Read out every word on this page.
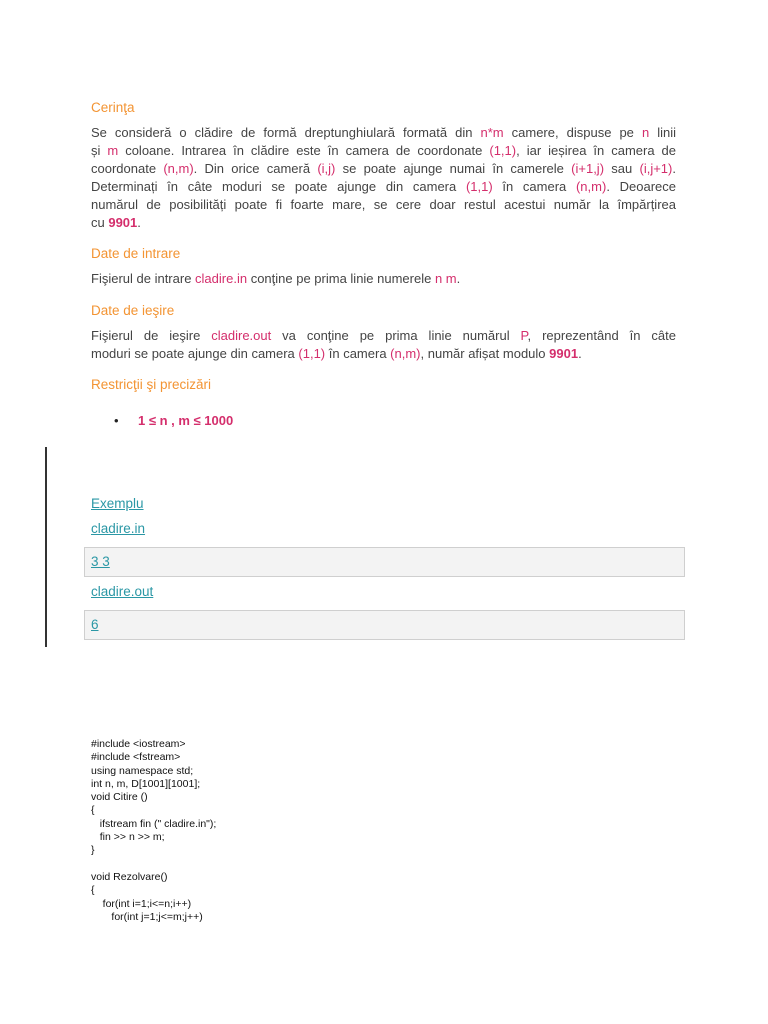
Cerinţa
Se consideră o clădire de formă dreptunghiulară formată din n*m camere, dispuse pe n linii
și m coloane. Intrarea în clădire este în camera de coordonate (1,1), iar ieșirea în camera de
coordonate (n,m). Din orice cameră (i,j) se poate ajunge numai în camerele (i+1,j) sau (i,j+1).
Determinați în câte moduri se poate ajunge din camera (1,1) în camera (n,m). Deoarece
numărul de posibilități poate fi foarte mare, se cere doar restul acestui număr la împărțirea
cu 9901.
Date de intrare
Fişierul de intrare cladire.in conţine pe prima linie numerele n m.
Date de ieşire
Fişierul de ieşire cladire.out va conţine pe prima linie numărul P, reprezentând în câte
moduri se poate ajunge din camera (1,1) în camera (n,m), număr afișat modulo 9901.
Restricţii şi precizări
• 1 ≤ n , m ≤ 1000
Exemplu
cladire.in
3 3
cladire.out
6
#include <iostream>
#include <fstream>
using namespace std;
int n, m, D[1001][1001];
void Citire ()
{
ifstream fin (" cladire.in");
fin >> n >> m;
}
void Rezolvare()
{
for(int i=1;i<=n;i++)
for(int j=1;j<=m;j++)
